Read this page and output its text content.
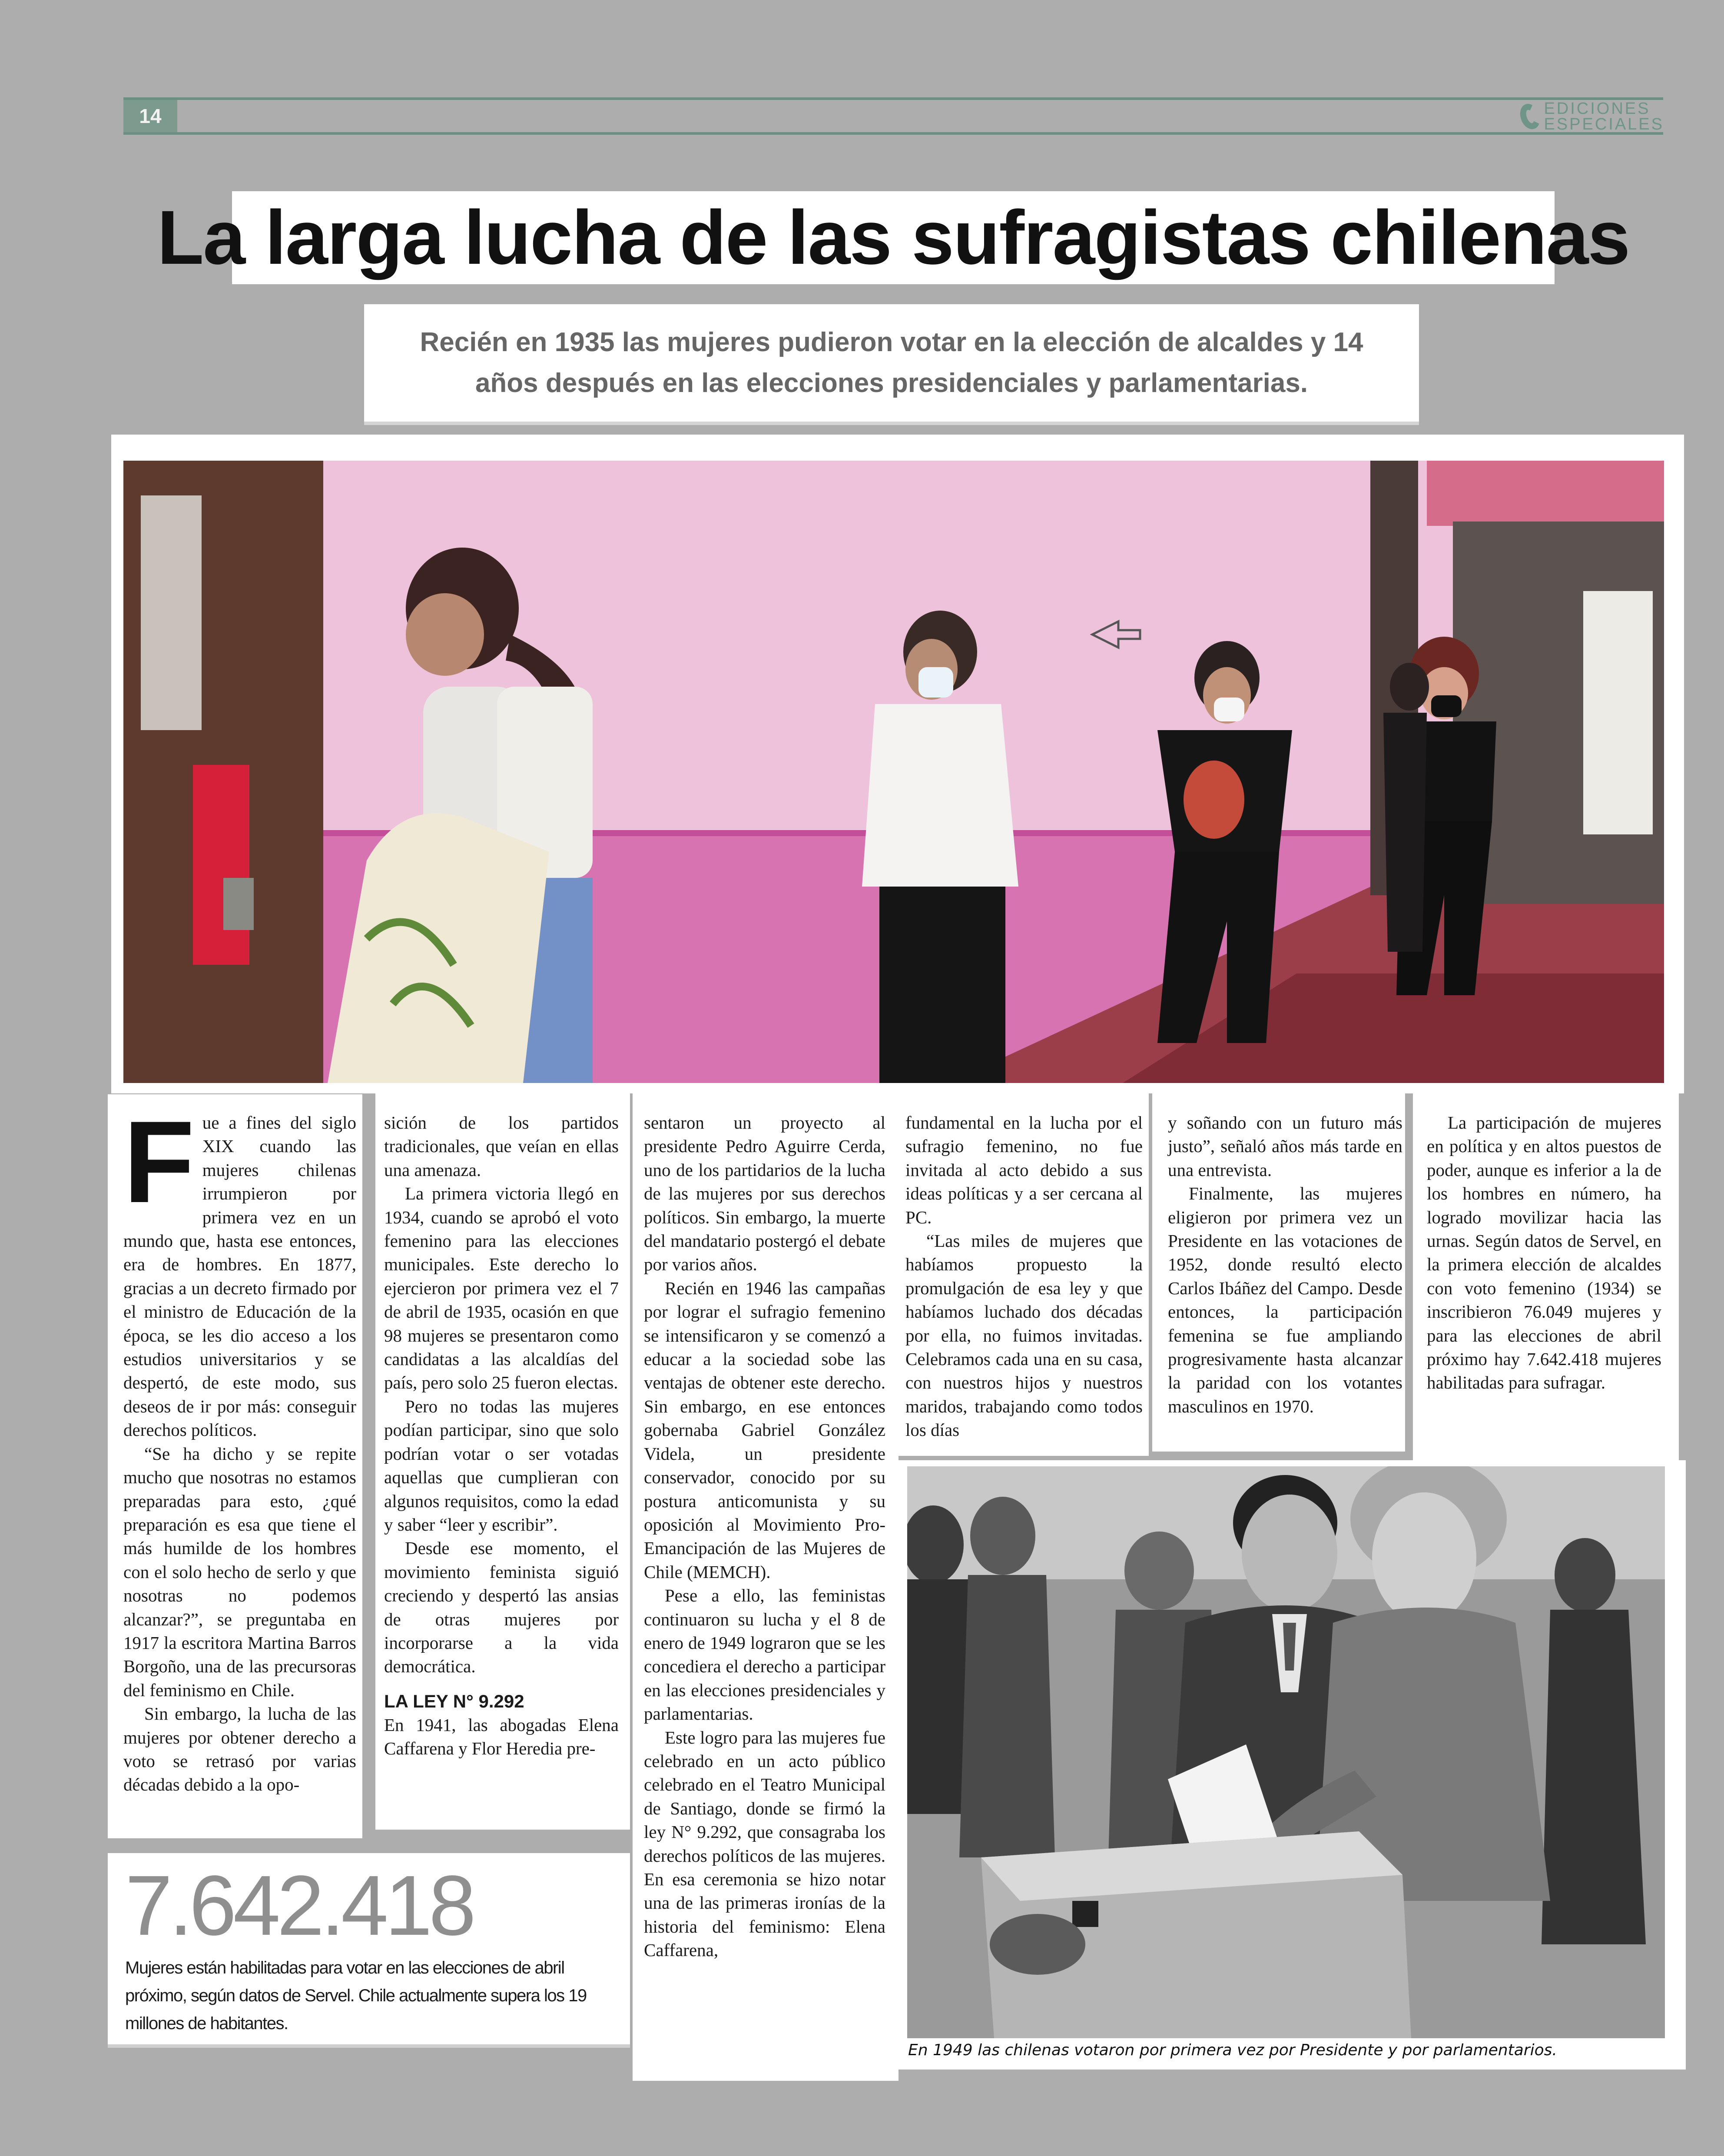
14	EDICIONES
ESPECIALES
La larga lucha de las sufragistas chilenas
Recién en 1935 las mujeres pudieron votar en la elección de alcaldes y 14 años después en las elecciones presidenciales y parlamentarias.

Fue a fines del siglo XIX cuando las mujeres chilenas irrumpieron por primera vez en un mundo que, hasta ese entonces, era de hombres. En 1877, gracias a un decreto firmado por el ministro de Educación de la época, se les dio acceso a los estudios universitarios y se despertó, de este modo, sus deseos de ir por más: conseguir derechos políticos.

“Se ha dicho y se repite mucho que nosotras no estamos preparadas para esto, ¿qué preparación es esa que tiene el más humilde de los hombres con el solo hecho de serlo y que nosotras no podemos alcanzar?”, se preguntaba en 1917 la escritora Martina Barros Borgoño, una de las precursoras del feminismo en Chile.

Sin embargo, la lucha de las mujeres por obtener derecho a voto se retrasó por varias décadas debido a la opo-

sición de los partidos tradicionales, que veían en ellas una amenaza.

La primera victoria llegó en 1934, cuando se aprobó el voto femenino para las elecciones municipales. Este derecho lo ejercieron por primera vez el 7 de abril de 1935, ocasión en que 98 mujeres se presentaron como candidatas a las alcaldías del país, pero solo 25 fueron electas.

Pero no todas las mujeres podían participar, sino que solo podrían votar o ser votadas aquellas que cumplieran con algunos requisitos, como la edad y saber “leer y escribir”.

Desde ese momento, el movimiento feminista siguió creciendo y despertó las ansias de otras mujeres por incorporarse a la vida democrática.

LA LEY N° 9.292

En 1941, las abogadas Elena Caffarena y Flor Heredia pre-

sentaron un proyecto al presidente Pedro Aguirre Cerda, uno de los partidarios de la lucha de las mujeres por sus derechos políticos. Sin embargo, la muerte del mandatario postergó el debate por varios años.

Recién en 1946 las campañas por lograr el sufragio femenino se intensificaron y se comenzó a educar a la sociedad sobe las ventajas de obtener este derecho. Sin embargo, en ese entonces gobernaba Gabriel González Videla, un presidente conservador, conocido por su postura anticomunista y su oposición al Movimiento Pro-Emancipación de las Mujeres de Chile (MEMCH).

Pese a ello, las feministas continuaron su lucha y el 8 de enero de 1949 lograron que se les concediera el derecho a participar en las elecciones presidenciales y parlamentarias.

Este logro para las mujeres fue celebrado en un acto público celebrado en el Teatro Municipal de Santiago, donde se firmó la ley N° 9.292, que consagraba los derechos políticos de las mujeres. En esa ceremonia se hizo notar una de las primeras ironías de la historia del feminismo: Elena Caffarena,

fundamental en la lucha por el sufragio femenino, no fue invitada al acto debido a sus ideas políticas y a ser cercana al PC.

“Las miles de mujeres que habíamos propuesto la promulgación de esa ley y que habíamos luchado dos décadas por ella, no fuimos invitadas. Celebramos cada una en su casa, con nuestros hijos y nuestros maridos, trabajando como todos los días

y soñando con un futuro más justo”, señaló años más tarde en una entrevista.

Finalmente, las mujeres eligieron por primera vez un Presidente en las votaciones de 1952, donde resultó electo Carlos Ibáñez del Campo. Desde entonces, la participación femenina se fue ampliando progresivamente hasta alcanzar la paridad con los votantes masculinos en 1970.

La participación de mujeres en política y en altos puestos de poder, aunque es inferior a la de los hombres en número, ha logrado movilizar hacia las urnas. Según datos de Servel, en la primera elección de alcaldes con voto femenino (1934) se inscribieron 76.049 mujeres y para las elecciones de abril próximo hay 7.642.418 mujeres habilitadas para sufragar.

7.642.418
Mujeres están habilitadas para votar en las elecciones de abril próximo, según datos de Servel. Chile actualmente supera los 19 millones de habitantes.
En 1949 las chilenas votaron por primera vez por Presidente y por parlamentarios.
